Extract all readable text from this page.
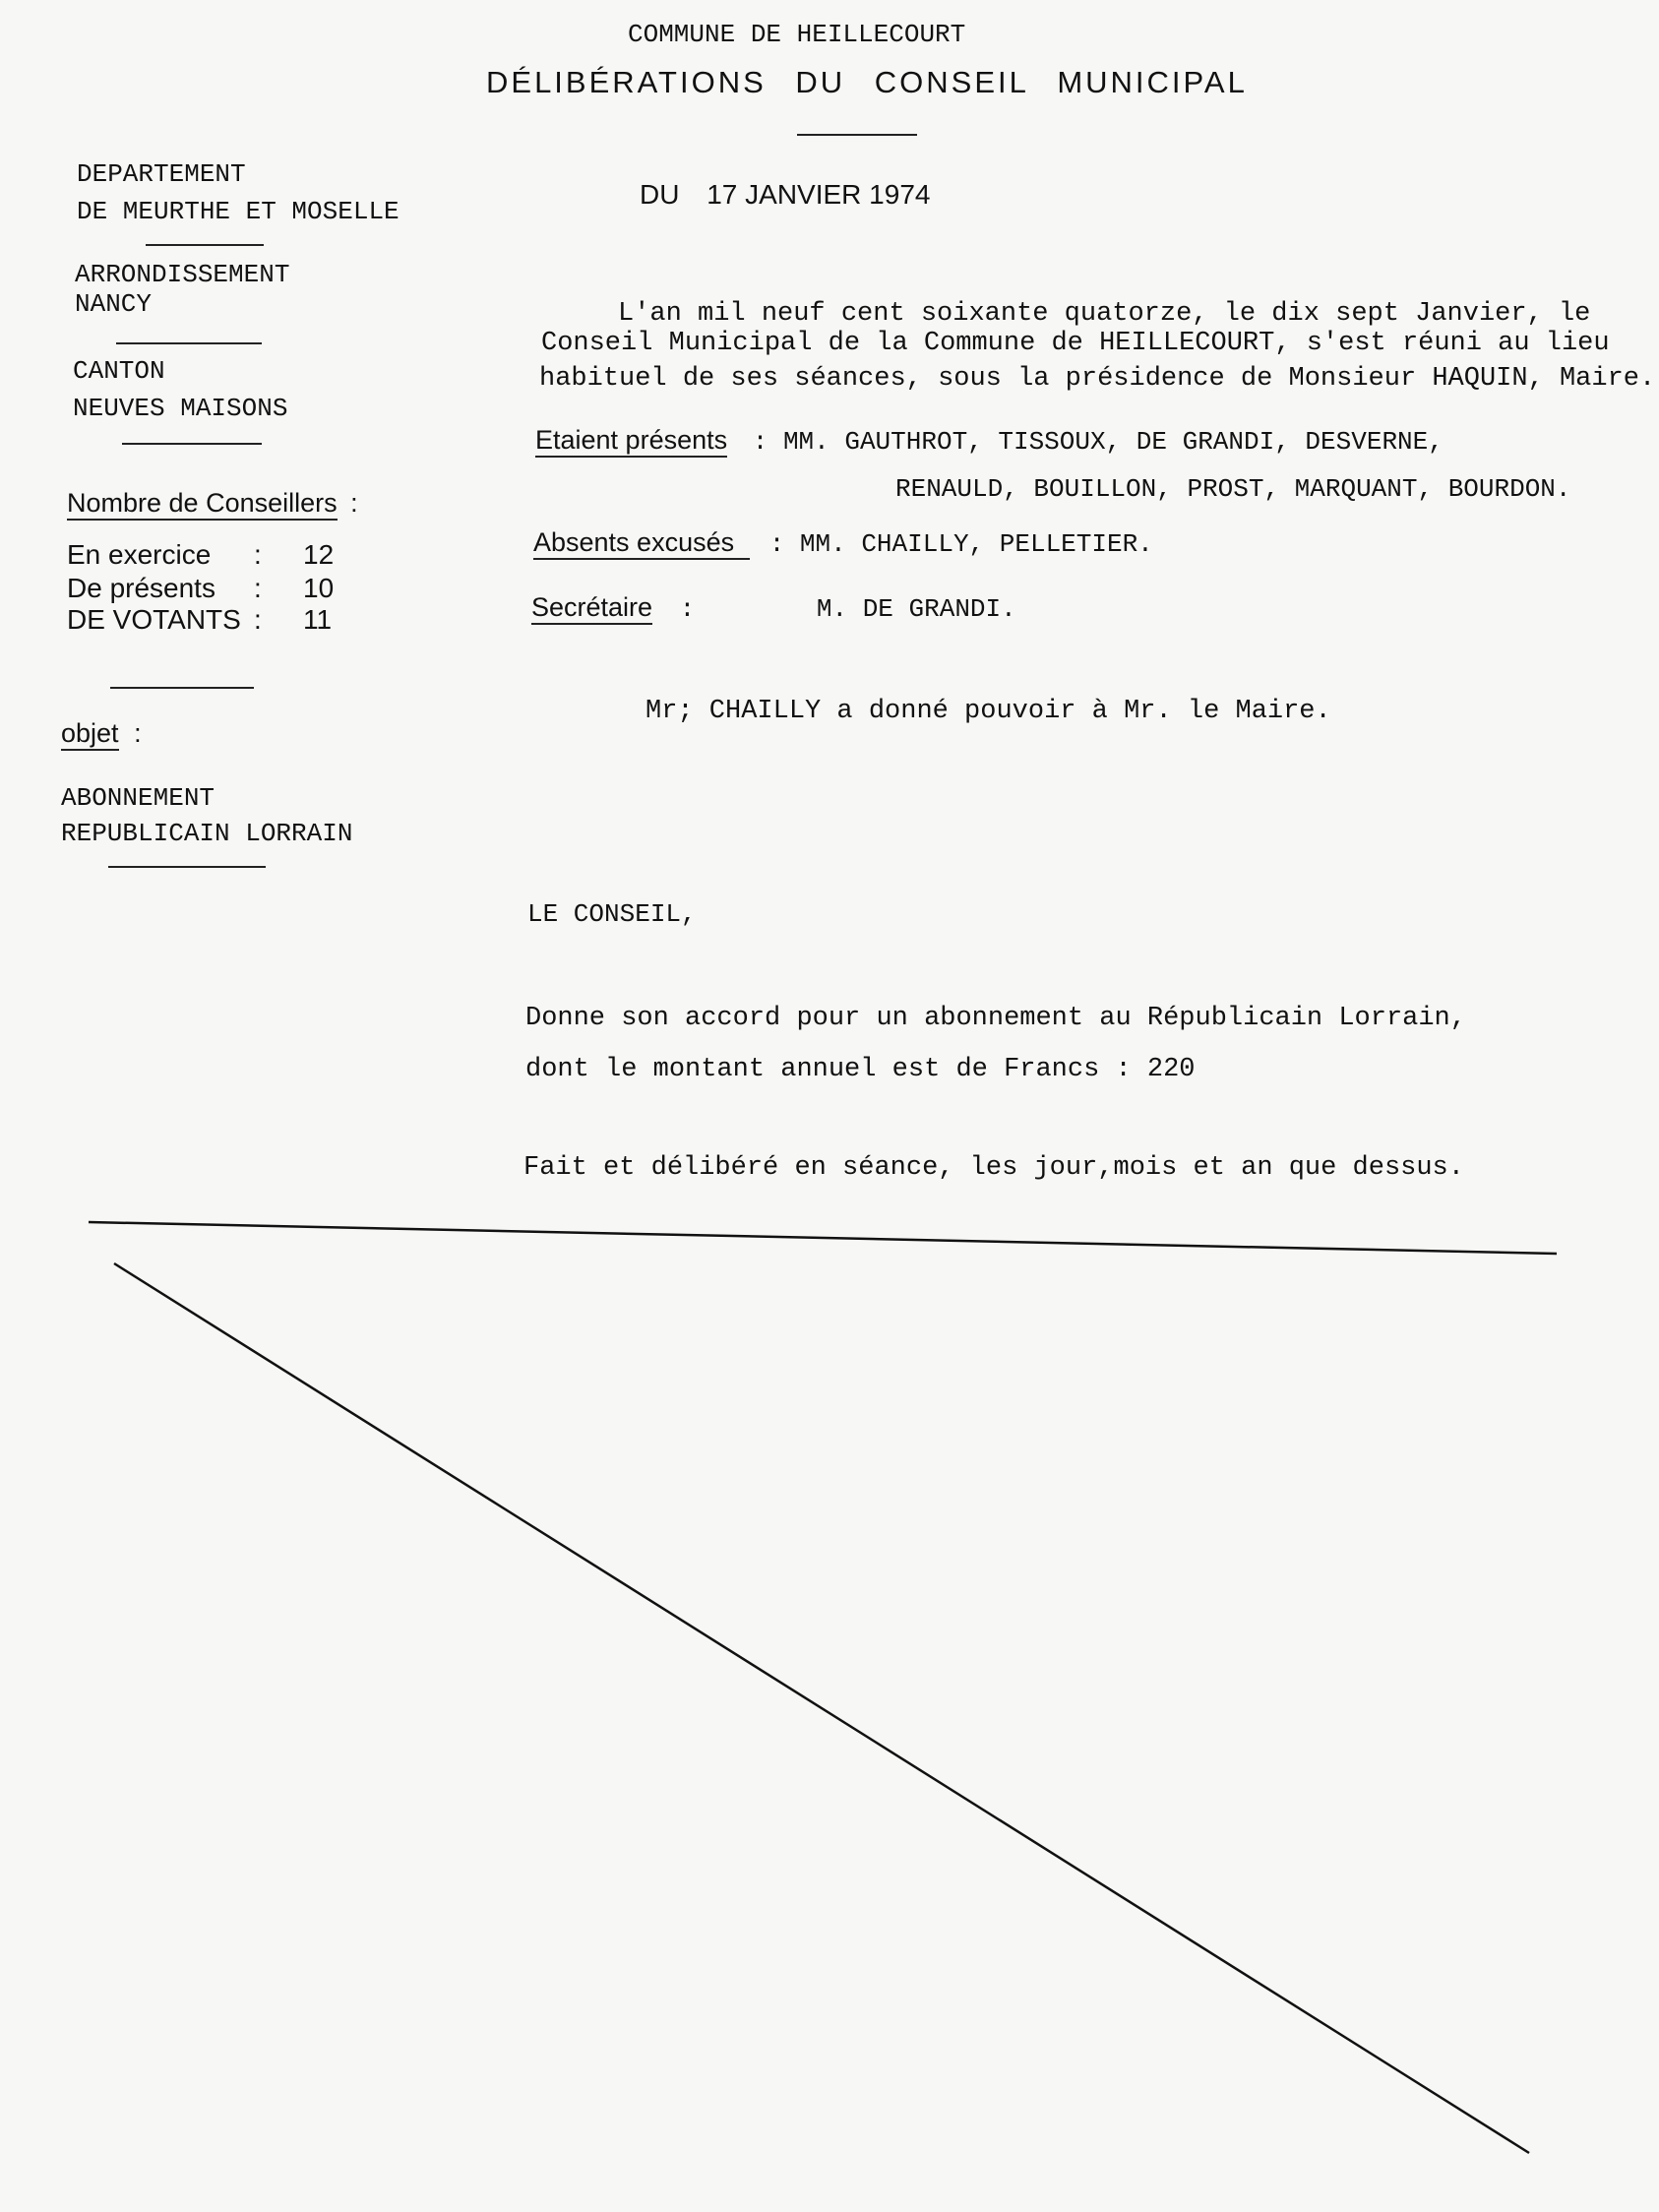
COMMUNE DE HEILLECOURT
DÉLIBÉRATIONS DU CONSEIL MUNICIPAL
DEPARTEMENT
DE MEURTHE ET MOSELLE
ARRONDISSEMENT
NANCY
CANTON
NEUVES MAISONS
Nombre de Conseillers :
En exercice : 12
De présents : 10
DE VOTANTS : 11
objet :
ABONNEMENT
REPUBLICAIN LORRAIN
DU 17 JANVIER 1974
L'an mil neuf cent soixante quatorze, le dix sept Janvier, le
Conseil Municipal de la Commune de HEILLECOURT, s'est réuni au lieu
habituel de ses séances, sous la présidence de Monsieur HAQUIN, Maire.
Etaient présents : MM. GAUTHROT, TISSOUX, DE GRANDI, DESVERNE,
RENAULD, BOUILLON, PROST, MARQUANT, BOURDON.
Absents excusés : MM. CHAILLY, PELLETIER.
Secrétaire :	M. DE GRANDI.
Mr; CHAILLY a donné pouvoir à Mr. le Maire.
LE CONSEIL,
Donne son accord pour un abonnement au Républicain Lorrain,
dont le montant annuel est de Francs : 220
Fait et délibéré en séance, les jour,mois et an que dessus.
